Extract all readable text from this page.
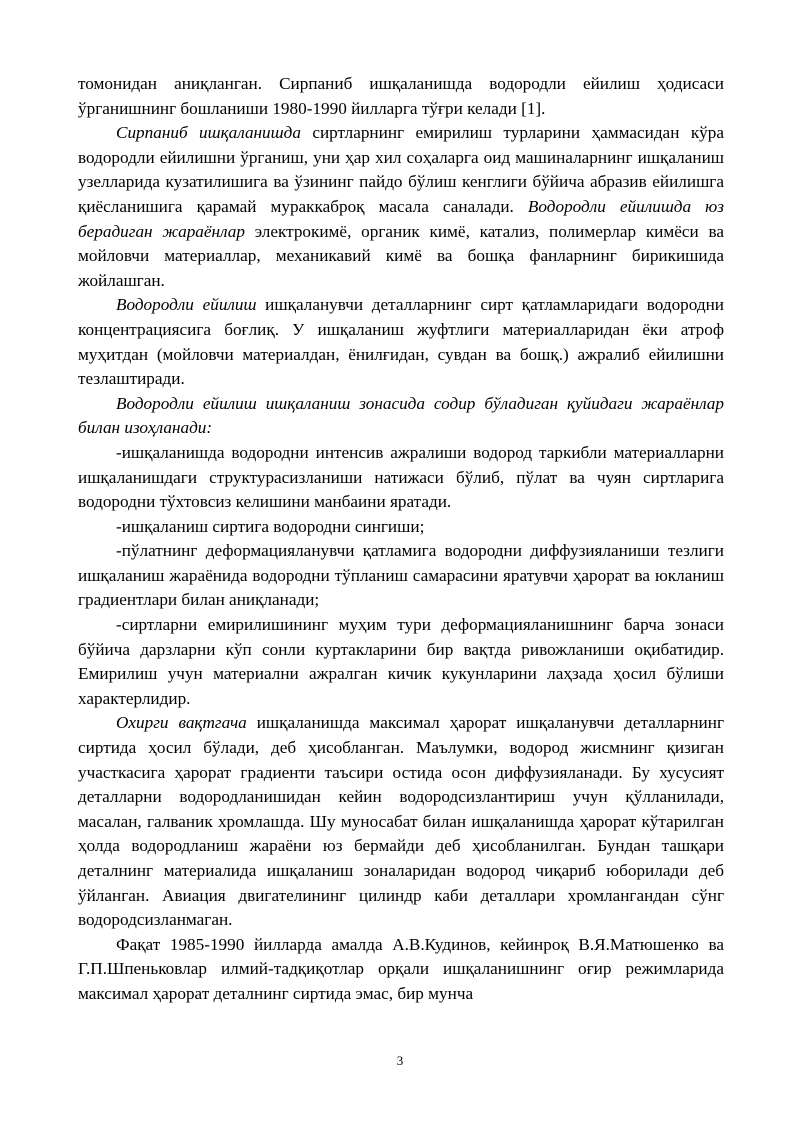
томонидан аниқланган. Сирпаниб ишқаланишда водородли ейилиш ҳодисаси ўрганишнинг бошланиши 1980-1990 йилларга тўғри келади [1].

Сирпаниб ишқаланишда сиртларнинг емирилиш турларини ҳаммасидан кўра водородли ейилишни ўрганиш, уни ҳар хил соҳаларга оид машиналарнинг ишқаланиш узелларида кузатилишига ва ўзининг пайдо бўлиш кенглиги бўйича абразив ейилишга қиёсланишига қарамай мураккаброқ масала саналади. Водородли ейилишда юз берадиган жараёнлар электрокимё, органик кимё, катализ, полимерлар кимёси ва мойловчи материаллар, механикавий кимё ва бошқа фанларнинг бирикишида жойлашган.

Водородли ейилиш ишқаланувчи деталларнинг сирт қатламларидаги водородни концентрациясига боғлиқ. У ишқаланиш жуфтлиги материалларидан ёки атроф муҳитдан (мойловчи материалдан, ёнилғидан, сувдан ва бошқ.) ажралиб ейилишни тезлаштиради.

Водородли ейилиш ишқаланиш зонасида содир бўладиган қуйидаги жараёнлар билан изоҳланади:

-ишқаланишда водородни интенсив ажралиши водород таркибли материалларни ишқаланишдаги структурасизланиши натижаси бўлиб, пўлат ва чуян сиртларига водородни тўхтовсиз келишини манбаини яратади.

-ишқаланиш сиртига водородни сингиши;

-пўлатнинг деформацияланувчи қатламига водородни диффузияланиши тезлиги ишқаланиш жараёнида водородни тўпланиш самарасини яратувчи ҳарорат ва юкланиш градиентлари билан аниқланади;

-сиртларни емирилишининг муҳим тури деформацияланишнинг барча зонаси бўйича дарзларни кўп сонли куртакларини бир вақтда ривожланиши оқибатидир. Емирилиш учун материални ажралган кичик кукунларини лаҳзада ҳосил бўлиши характерлидир.

Охирги вақтгача ишқаланишда максимал ҳарорат ишқаланувчи деталларнинг сиртида ҳосил бўлади, деб ҳисобланган. Маълумки, водород жисмнинг қизиган участкасига ҳарорат градиенти таъсири остида осон диффузияланади. Бу хусусият деталларни водородланишидан кейин водородсизлантириш учун қўлланилади, масалан, галваник хромлашда. Шу муносабат билан ишқаланишда ҳарорат кўтарилган ҳолда водородланиш жараёни юз бермайди деб ҳисобланилган. Бундан ташқари деталнинг материалида ишқаланиш зоналаридан водород чиқариб юборилади деб ўйланган. Авиация двигателининг цилиндр каби деталлари хромлангандан сўнг водородсизланмаган.

Фақат 1985-1990 йилларда амалда А.В.Кудинов, кейинроқ В.Я.Матюшенко ва Г.П.Шпеньковлар илмий-тадқиқотлар орқали ишқаланишнинг оғир режимларида максимал ҳарорат деталнинг сиртида эмас, бир мунча

3
